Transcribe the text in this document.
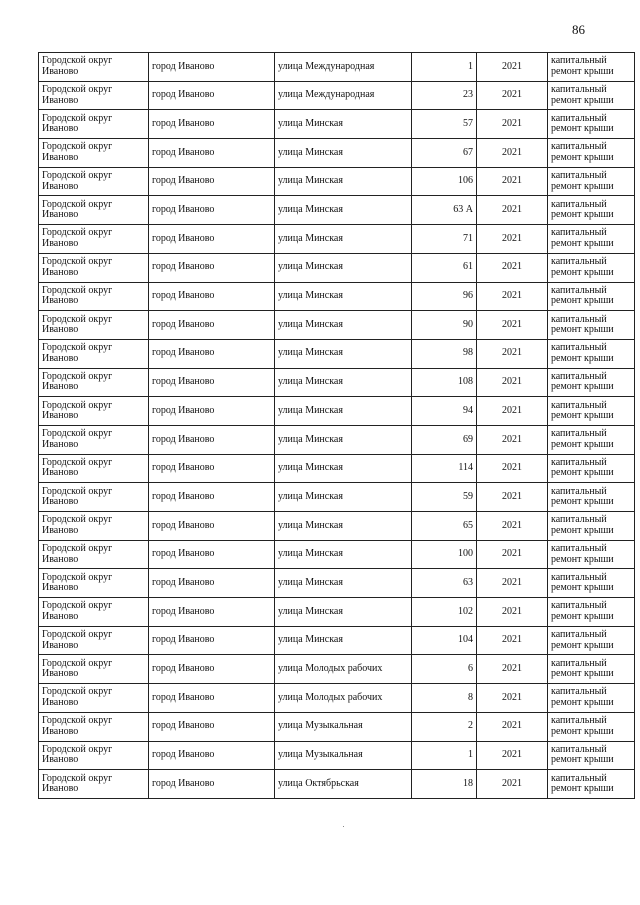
86
Городской округ Иваново	город Иваново	улица Международная	1	2021	капитальный ремонт крыши
Городской округ Иваново	город Иваново	улица Международная	23	2021	капитальный ремонт крыши
Городской округ Иваново	город Иваново	улица Минская	57	2021	капитальный ремонт крыши
Городской округ Иваново	город Иваново	улица Минская	67	2021	капитальный ремонт крыши
Городской округ Иваново	город Иваново	улица Минская	106	2021	капитальный ремонт крыши
Городской округ Иваново	город Иваново	улица Минская	63 А	2021	капитальный ремонт крыши
Городской округ Иваново	город Иваново	улица Минская	71	2021	капитальный ремонт крыши
Городской округ Иваново	город Иваново	улица Минская	61	2021	капитальный ремонт крыши
Городской округ Иваново	город Иваново	улица Минская	96	2021	капитальный ремонт крыши
Городской округ Иваново	город Иваново	улица Минская	90	2021	капитальный ремонт крыши
Городской округ Иваново	город Иваново	улица Минская	98	2021	капитальный ремонт крыши
Городской округ Иваново	город Иваново	улица Минская	108	2021	капитальный ремонт крыши
Городской округ Иваново	город Иваново	улица Минская	94	2021	капитальный ремонт крыши
Городской округ Иваново	город Иваново	улица Минская	69	2021	капитальный ремонт крыши
Городской округ Иваново	город Иваново	улица Минская	114	2021	капитальный ремонт крыши
Городской округ Иваново	город Иваново	улица Минская	59	2021	капитальный ремонт крыши
Городской округ Иваново	город Иваново	улица Минская	65	2021	капитальный ремонт крыши
Городской округ Иваново	город Иваново	улица Минская	100	2021	капитальный ремонт крыши
Городской округ Иваново	город Иваново	улица Минская	63	2021	капитальный ремонт крыши
Городской округ Иваново	город Иваново	улица Минская	102	2021	капитальный ремонт крыши
Городской округ Иваново	город Иваново	улица Минская	104	2021	капитальный ремонт крыши
Городской округ Иваново	город Иваново	улица Молодых рабочих	6	2021	капитальный ремонт крыши
Городской округ Иваново	город Иваново	улица Молодых рабочих	8	2021	капитальный ремонт крыши
Городской округ Иваново	город Иваново	улица Музыкальная	2	2021	капитальный ремонт крыши
Городской округ Иваново	город Иваново	улица Музыкальная	1	2021	капитальный ремонт крыши
Городской округ Иваново	город Иваново	улица Октябрьская	18	2021	капитальный ремонт крыши
